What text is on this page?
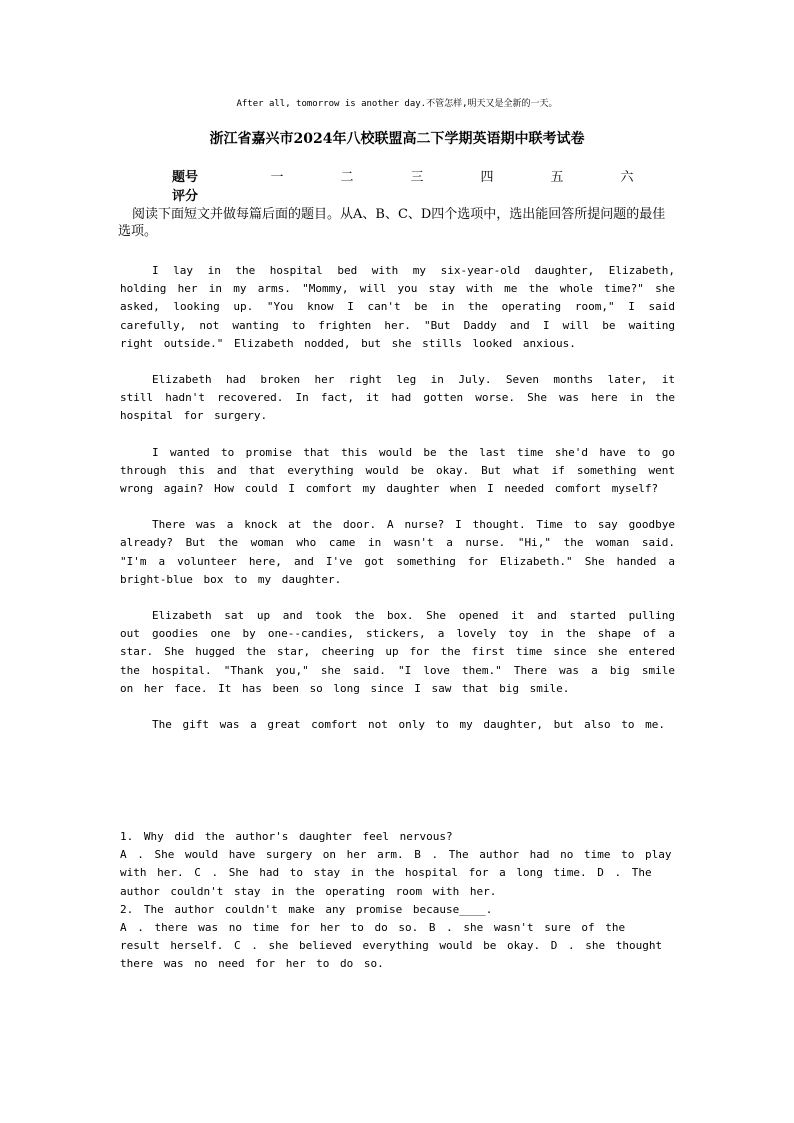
After all, tomorrow is another day.不管怎样,明天又是全新的一天。
浙江省嘉兴市2024年八校联盟高二下学期英语期中联考试卷
题号	一	二	三	四	五	六
评分
阅读下面短文并做每篇后面的题目。从A、B、C、D四个选项中，选出能回答所提问题的最佳选项。

I lay in the hospital bed with my six-year-old daughter, Elizabeth, holding her in my arms. "Mommy, will you stay with me the whole time?" she asked, looking up. "You know I can't be in the operating room," I said carefully, not wanting to frighten her. "But Daddy and I will be waiting right outside." Elizabeth nodded, but she stills looked anxious.

Elizabeth had broken her right leg in July. Seven months later, it still hadn't recovered. In fact, it had gotten worse. She was here in the hospital for surgery.

I wanted to promise that this would be the last time she'd have to go through this and that everything would be okay. But what if something went wrong again? How could I comfort my daughter when I needed comfort myself?

There was a knock at the door. A nurse? I thought. Time to say goodbye already? But the woman who came in wasn't a nurse. "Hi," the woman said. "I'm a volunteer here, and I've got something for Elizabeth." She handed a bright-blue box to my daughter.

Elizabeth sat up and took the box. She opened it and started pulling out goodies one by one--candies, stickers, a lovely toy in the shape of a star. She hugged the star, cheering up for the first time since she entered the hospital. "Thank you," she said. "I love them." There was a big smile on her face. It has been so long since I saw that big smile.

The gift was a great comfort not only to my daughter, but also to me.

1. Why did the author's daughter feel nervous?
A . She would have surgery on her arm. B . The author had no time to play with her. C . She had to stay in the hospital for a long time. D . The author couldn't stay in the operating room with her.
2. The author couldn't make any promise because____.
A . there was no time for her to do so. B . she wasn't sure of the result herself. C . she believed everything would be okay. D . she thought there was no need for her to do so.
